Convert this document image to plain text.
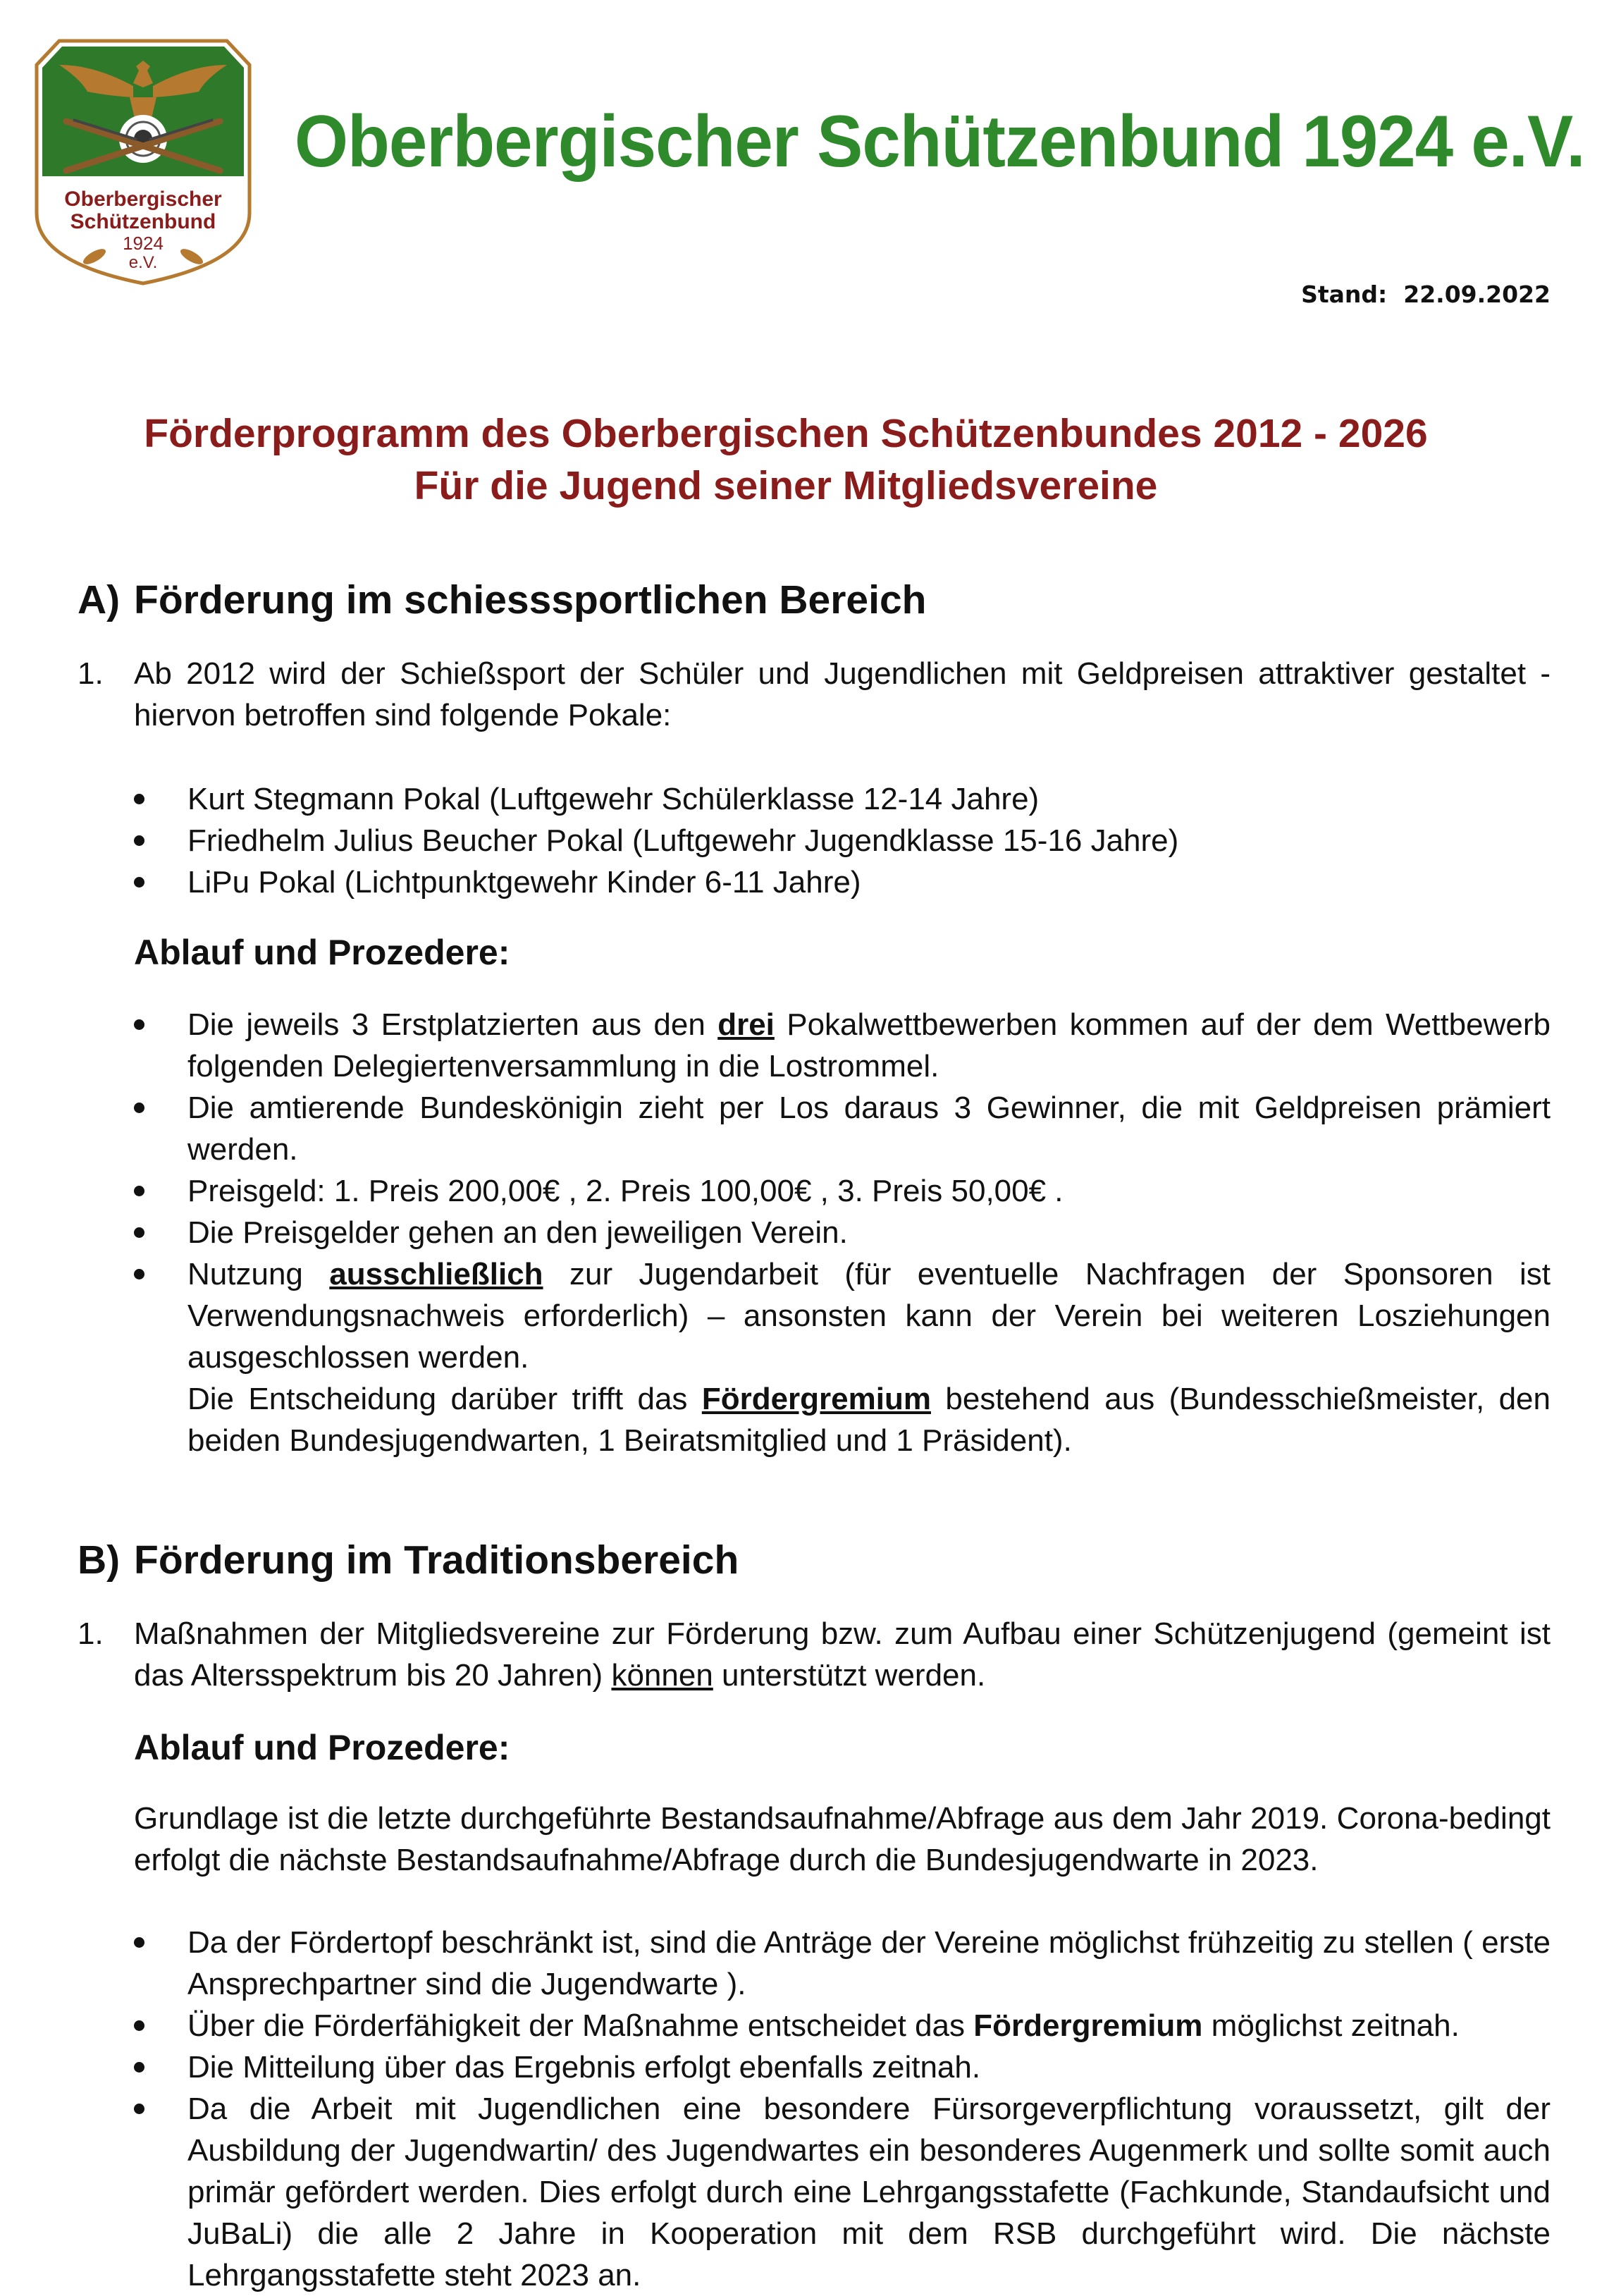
Oberbergischer
Schützenbund
1924
e.V.
Oberbergischer Schützenbund 1924 e.V.
Stand: 22.09.2022
Förderprogramm des Oberbergischen Schützenbundes 2012 - 2026
Für die Jugend seiner Mitgliedsvereine
A) Förderung im schiesssportlichen Bereich
1. Ab 2012 wird der Schießsport der Schüler und Jugendlichen mit Geldpreisen attraktiver gestaltet - hiervon betroffen sind folgende Pokale:
Kurt Stegmann Pokal (Luftgewehr Schülerklasse 12-14 Jahre)
Friedhelm Julius Beucher Pokal (Luftgewehr Jugendklasse 15-16 Jahre)
LiPu Pokal (Lichtpunktgewehr Kinder 6-11 Jahre)
Ablauf und Prozedere:
Die jeweils 3 Erstplatzierten aus den drei Pokalwettbewerben kommen auf der dem Wettbewerb folgenden Delegiertenversammlung in die Lostrommel.
Die amtierende Bundeskönigin zieht per Los daraus 3 Gewinner, die mit Geldpreisen prämiert werden.
Preisgeld: 1. Preis 200,00€ , 2. Preis 100,00€ , 3. Preis 50,00€ .
Die Preisgelder gehen an den jeweiligen Verein.
Nutzung ausschließlich zur Jugendarbeit (für eventuelle Nachfragen der Sponsoren ist Verwendungsnachweis erforderlich) – ansonsten kann der Verein bei weiteren Losziehungen ausgeschlossen werden.
Die Entscheidung darüber trifft das Fördergremium bestehend aus (Bundesschießmeister, den beiden Bundesjugendwarten, 1 Beiratsmitglied und 1 Präsident).
B) Förderung im Traditionsbereich
1. Maßnahmen der Mitgliedsvereine zur Förderung bzw. zum Aufbau einer Schützenjugend (gemeint ist das Altersspektrum bis 20 Jahren) können unterstützt werden.
Ablauf und Prozedere:
Grundlage ist die letzte durchgeführte Bestandsaufnahme/Abfrage aus dem Jahr 2019. Corona-bedingt erfolgt die nächste Bestandsaufnahme/Abfrage durch die Bundesjugendwarte in 2023.
Da der Fördertopf beschränkt ist, sind die Anträge der Vereine möglichst frühzeitig zu stellen ( erste Ansprechpartner sind die Jugendwarte ).
Über die Förderfähigkeit der Maßnahme entscheidet das Fördergremium möglichst zeitnah.
Die Mitteilung über das Ergebnis erfolgt ebenfalls zeitnah.
Da die Arbeit mit Jugendlichen eine besondere Fürsorgeverpflichtung voraussetzt, gilt der Ausbildung der Jugendwartin/ des Jugendwartes ein besonderes Augenmerk und sollte somit auch primär gefördert werden. Dies erfolgt durch eine Lehrgangsstafette (Fachkunde, Standaufsicht und JuBaLi) die alle 2 Jahre in Kooperation mit dem RSB durchgeführt wird. Die nächste Lehrgangsstafette steht 2023 an.
